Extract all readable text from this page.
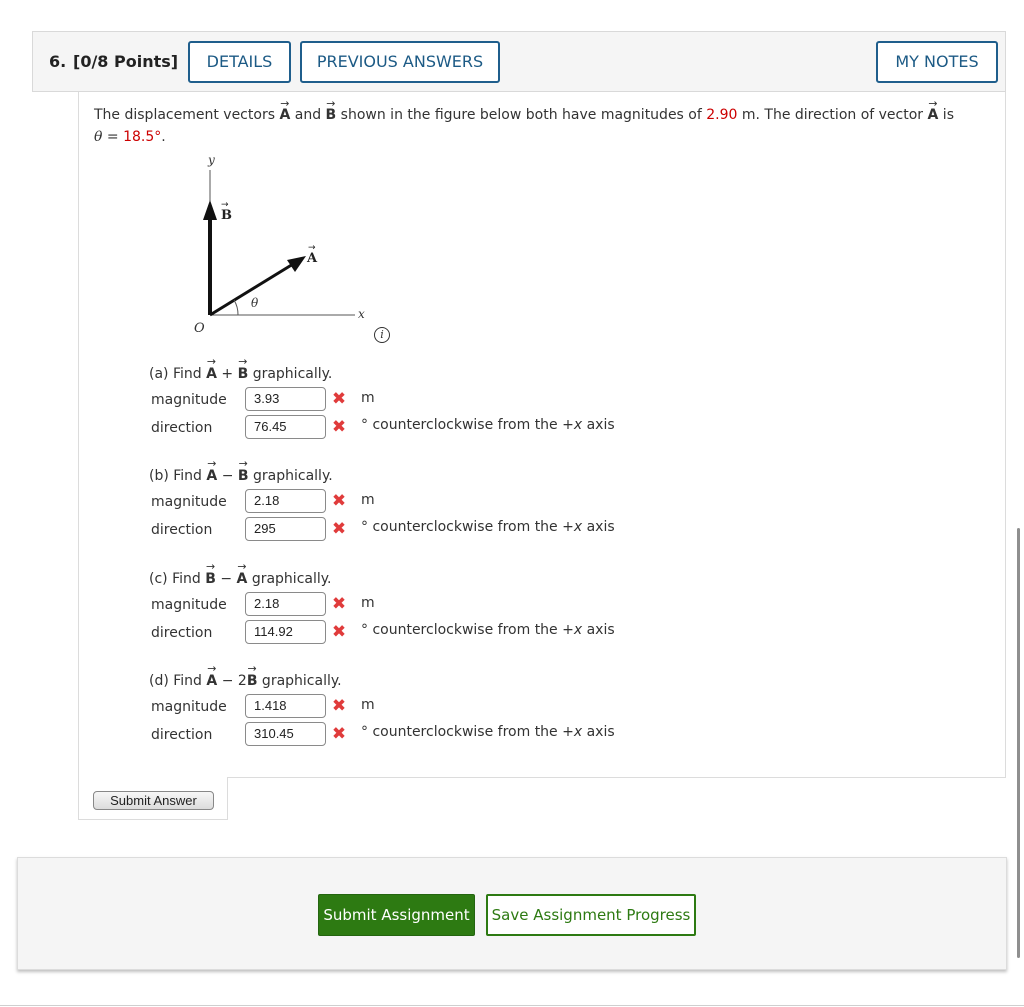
6. [0/8 Points]	DETAILS	PREVIOUS ANSWERS	MY NOTES
The displacement vectors → A and → B shown in the figure below both have magnitudes of 2.90 m. The direction of vector → A is
θ = 18.5°.
y
x
O
θ
B
→
A
→
i
(a) Find → A + → B graphically.
magnitude	3.93	✖ m
direction	76.45	✖ ° counterclockwise from the +x axis
(b) Find → A − → B graphically.
magnitude	2.18	✖ m
direction	295	✖ ° counterclockwise from the +x axis
(c) Find → B − → A graphically.
magnitude	2.18	✖ m
direction	114.92	✖ ° counterclockwise from the +x axis
(d) Find → A − 2→ B graphically.
magnitude	1.418	✖ m
direction	310.45	✖ ° counterclockwise from the +x axis
Submit Answer
Submit Assignment	Save Assignment Progress
